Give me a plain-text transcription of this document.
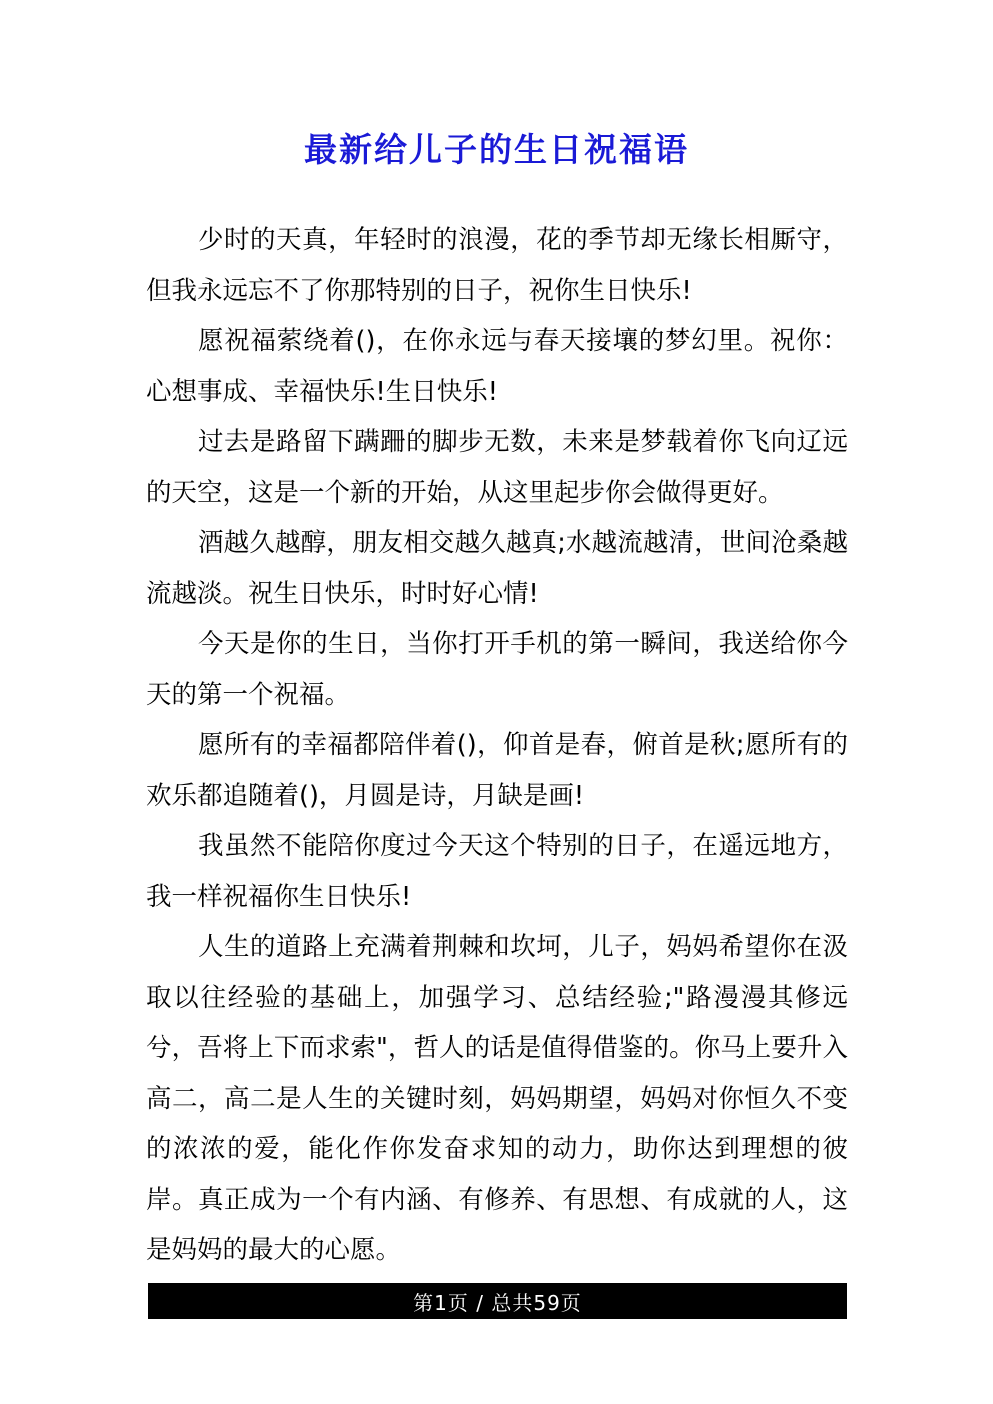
最新给儿子的生日祝福语

少时的天真，年轻时的浪漫，花的季节却无缘长相厮守，但我永远忘不了你那特别的日子，祝你生日快乐!

愿祝福萦绕着()，在你永远与春天接壤的梦幻里。祝你：心想事成、幸福快乐!生日快乐!

过去是路留下蹒跚的脚步无数，未来是梦载着你飞向辽远的天空，这是一个新的开始，从这里起步你会做得更好。

酒越久越醇，朋友相交越久越真;水越流越清，世间沧桑越流越淡。祝生日快乐，时时好心情!

今天是你的生日，当你打开手机的第一瞬间，我送给你今天的第一个祝福。

愿所有的幸福都陪伴着()，仰首是春，俯首是秋;愿所有的欢乐都追随着()，月圆是诗，月缺是画!

我虽然不能陪你度过今天这个特别的日子，在遥远地方，我一样祝福你生日快乐!

人生的道路上充满着荆棘和坎坷，儿子，妈妈希望你在汲取以往经验的基础上，加强学习、总结经验;"路漫漫其修远兮，吾将上下而求索"，哲人的话是值得借鉴的。你马上要升入高二，高二是人生的关键时刻，妈妈期望，妈妈对你恒久不变的浓浓的爱，能化作你发奋求知的动力，助你达到理想的彼岸。真正成为一个有内涵、有修养、有思想、有成就的人，这是妈妈的最大的心愿。

第1页 / 总共59页
